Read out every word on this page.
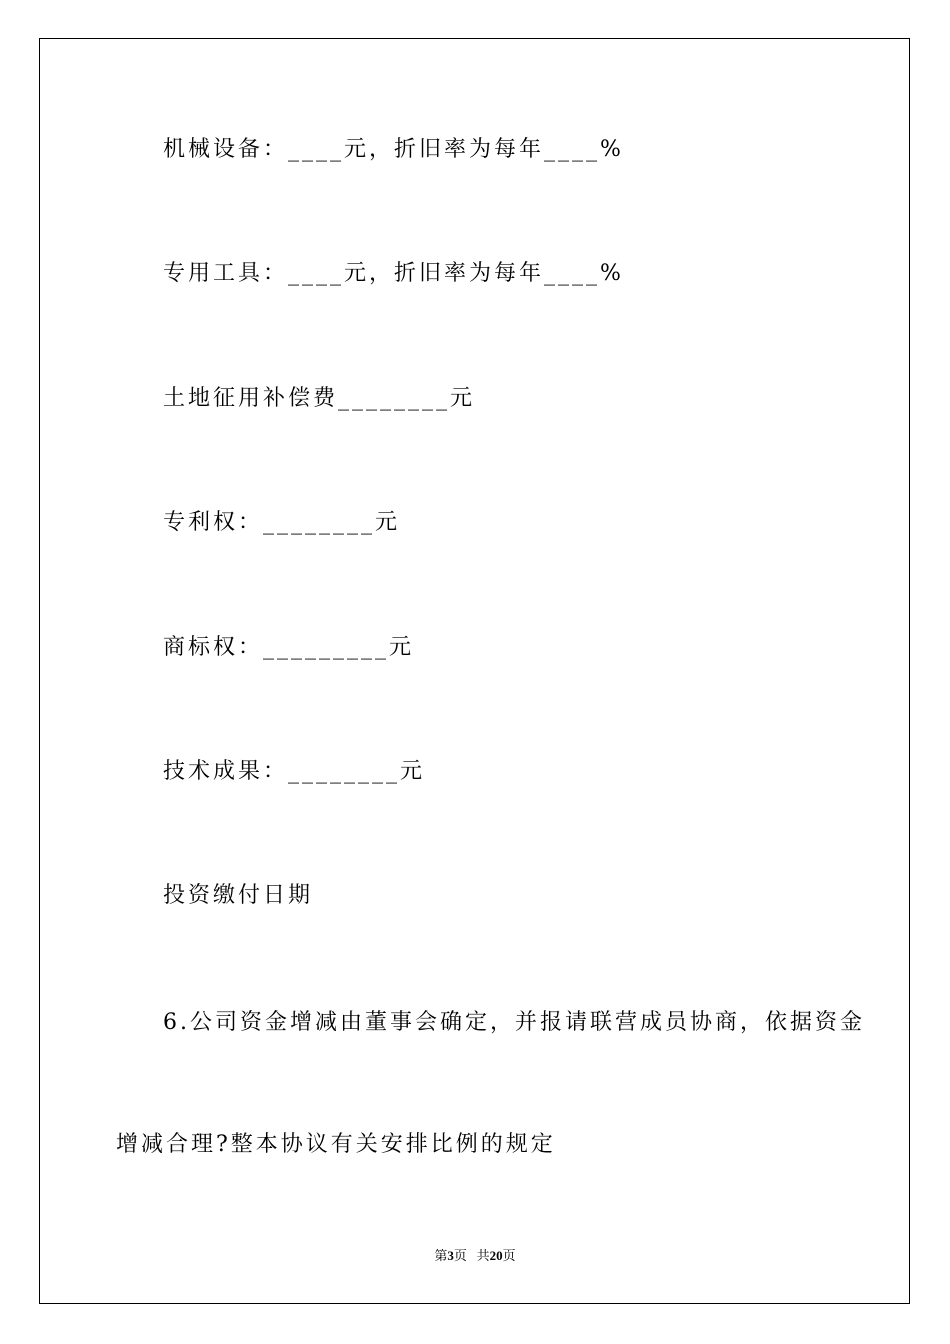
机械设备：____元，折旧率为每年____%
专用工具：____元，折旧率为每年____%
土地征用补偿费________元
专利权：________元
商标权：_________元
技术成果：________元
投资缴付日期
6.公司资金增减由董事会确定，并报请联营成员协商，依据资金
增减合理?整本协议有关安排比例的规定
第3页 共20页
